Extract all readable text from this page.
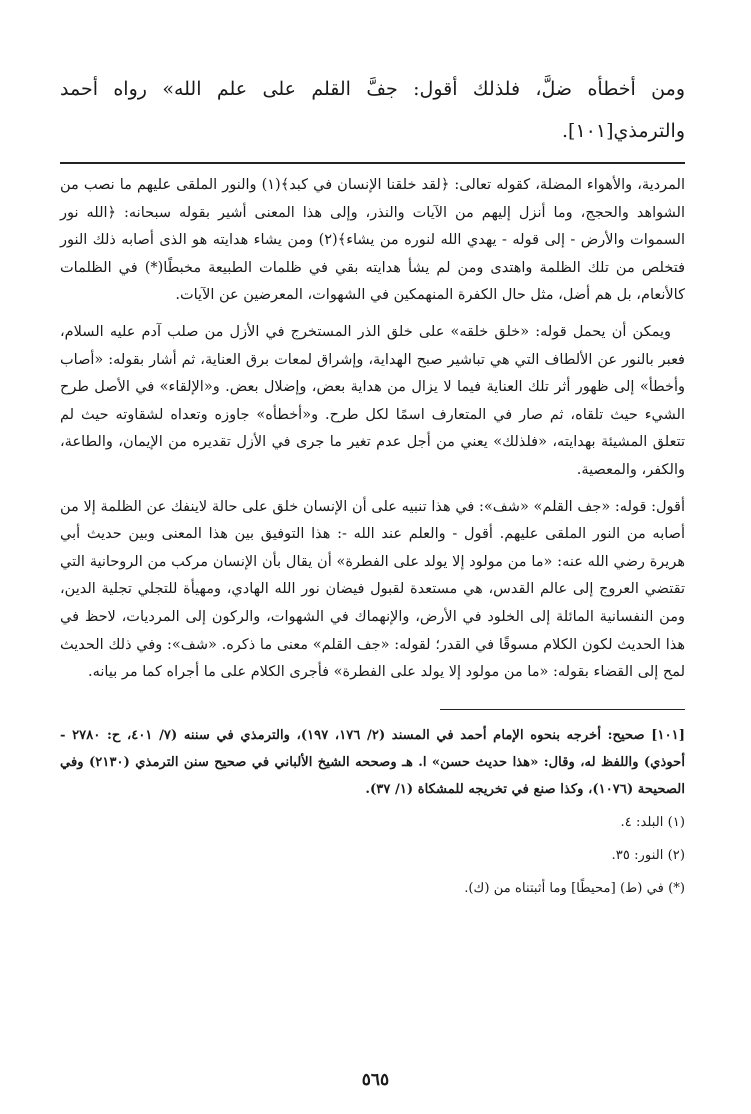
ومن أخطأه ضلَّ، فلذلك أقول: جفَّ القلم على علم الله» رواه أحمد والترمذي[١٠١].

المردية، والأهواء المضلة، كقوله تعالى: ﴿لقد خلقنا الإنسان في كبد﴾(١) والنور الملقى عليهم ما نصب من الشواهد والحجج، وما أنزل إليهم من الآيات والنذر، وإلى هذا المعنى أشير بقوله سبحانه: ﴿الله نور السموات والأرض - إلى قوله - يهدي الله لنوره من يشاء﴾(٢) ومن يشاء هدايته هو الذى أصابه ذلك النور فتخلص من تلك الظلمة واهتدى ومن لم يشأ هدايته بقي في ظلمات الطبيعة مخبطًا(*) في الظلمات كالأنعام، بل هم أضل، مثل حال الكفرة المنهمكين في الشهوات، المعرضين عن الآيات.

ويمكن أن يحمل قوله: «خلق خلقه» على خلق الذر المستخرج في الأزل من صلب آدم عليه السلام، فعبر بالنور عن الألطاف التي هي تباشير صبح الهداية، وإشراق لمعات برق العناية، ثم أشار بقوله: «أصاب وأخطأ» إلى ظهور أثر تلك العناية فيما لا يزال من هداية بعض، وإضلال بعض. و«الإلقاء» في الأصل طرح الشيء حيث تلقاه، ثم صار في المتعارف اسمًا لكل طرح. و«أخطأه» جاوزه وتعداه لشقاوته حيث لم تتعلق المشيئة بهدايته، «فلذلك» يعني من أجل عدم تغير ما جرى في الأزل تقديره من الإيمان، والطاعة، والكفر، والمعصية.

أقول: قوله: «جف القلم» «شف»: في هذا تنبيه على أن الإنسان خلق على حالة لاينفك عن الظلمة إلا من أصابه من النور الملقى عليهم. أقول - والعلم عند الله -: هذا التوفيق بين هذا المعنى وبين حديث أبي هريرة رضي الله عنه: «ما من مولود إلا يولد على الفطرة» أن يقال بأن الإنسان مركب من الروحانية التي تقتضي العروج إلى عالم القدس، هي مستعدة لقبول فيضان نور الله الهادي، ومهيأة للتجلي تجلية الدين، ومن النفسانية المائلة إلى الخلود في الأرض، والإنهماك في الشهوات، والركون إلى المرديات، لاحظ في هذا الحديث لكون الكلام مسوقًا في القدر؛ لقوله: «جف القلم» معنى ما ذكره. «شف»: وفي ذلك الحديث لمح إلى القضاء بقوله: «ما من مولود إلا يولد على الفطرة» فأجرى الكلام على ما أجراه كما مر بيانه.

[١٠١] صحيح: أخرجه بنحوه الإمام أحمد في المسند (٢/ ١٧٦، ١٩٧)، والترمذي في سننه (٧/ ٤٠١، ح: ٢٧٨٠ - أحوذي) واللفظ له، وقال: «هذا حديث حسن» ا. هـ وصححه الشيخ الألباني في صحيح سنن الترمذي (٢١٣٠) وفي الصحيحة (١٠٧٦)، وكذا صنع في تخريجه للمشكاة (١/ ٣٧).

(١) البلد: ٤.

(٢) النور: ٣٥.

(*) في (ط) [محيطًا] وما أثبتناه من (ك).

٥٦٥
